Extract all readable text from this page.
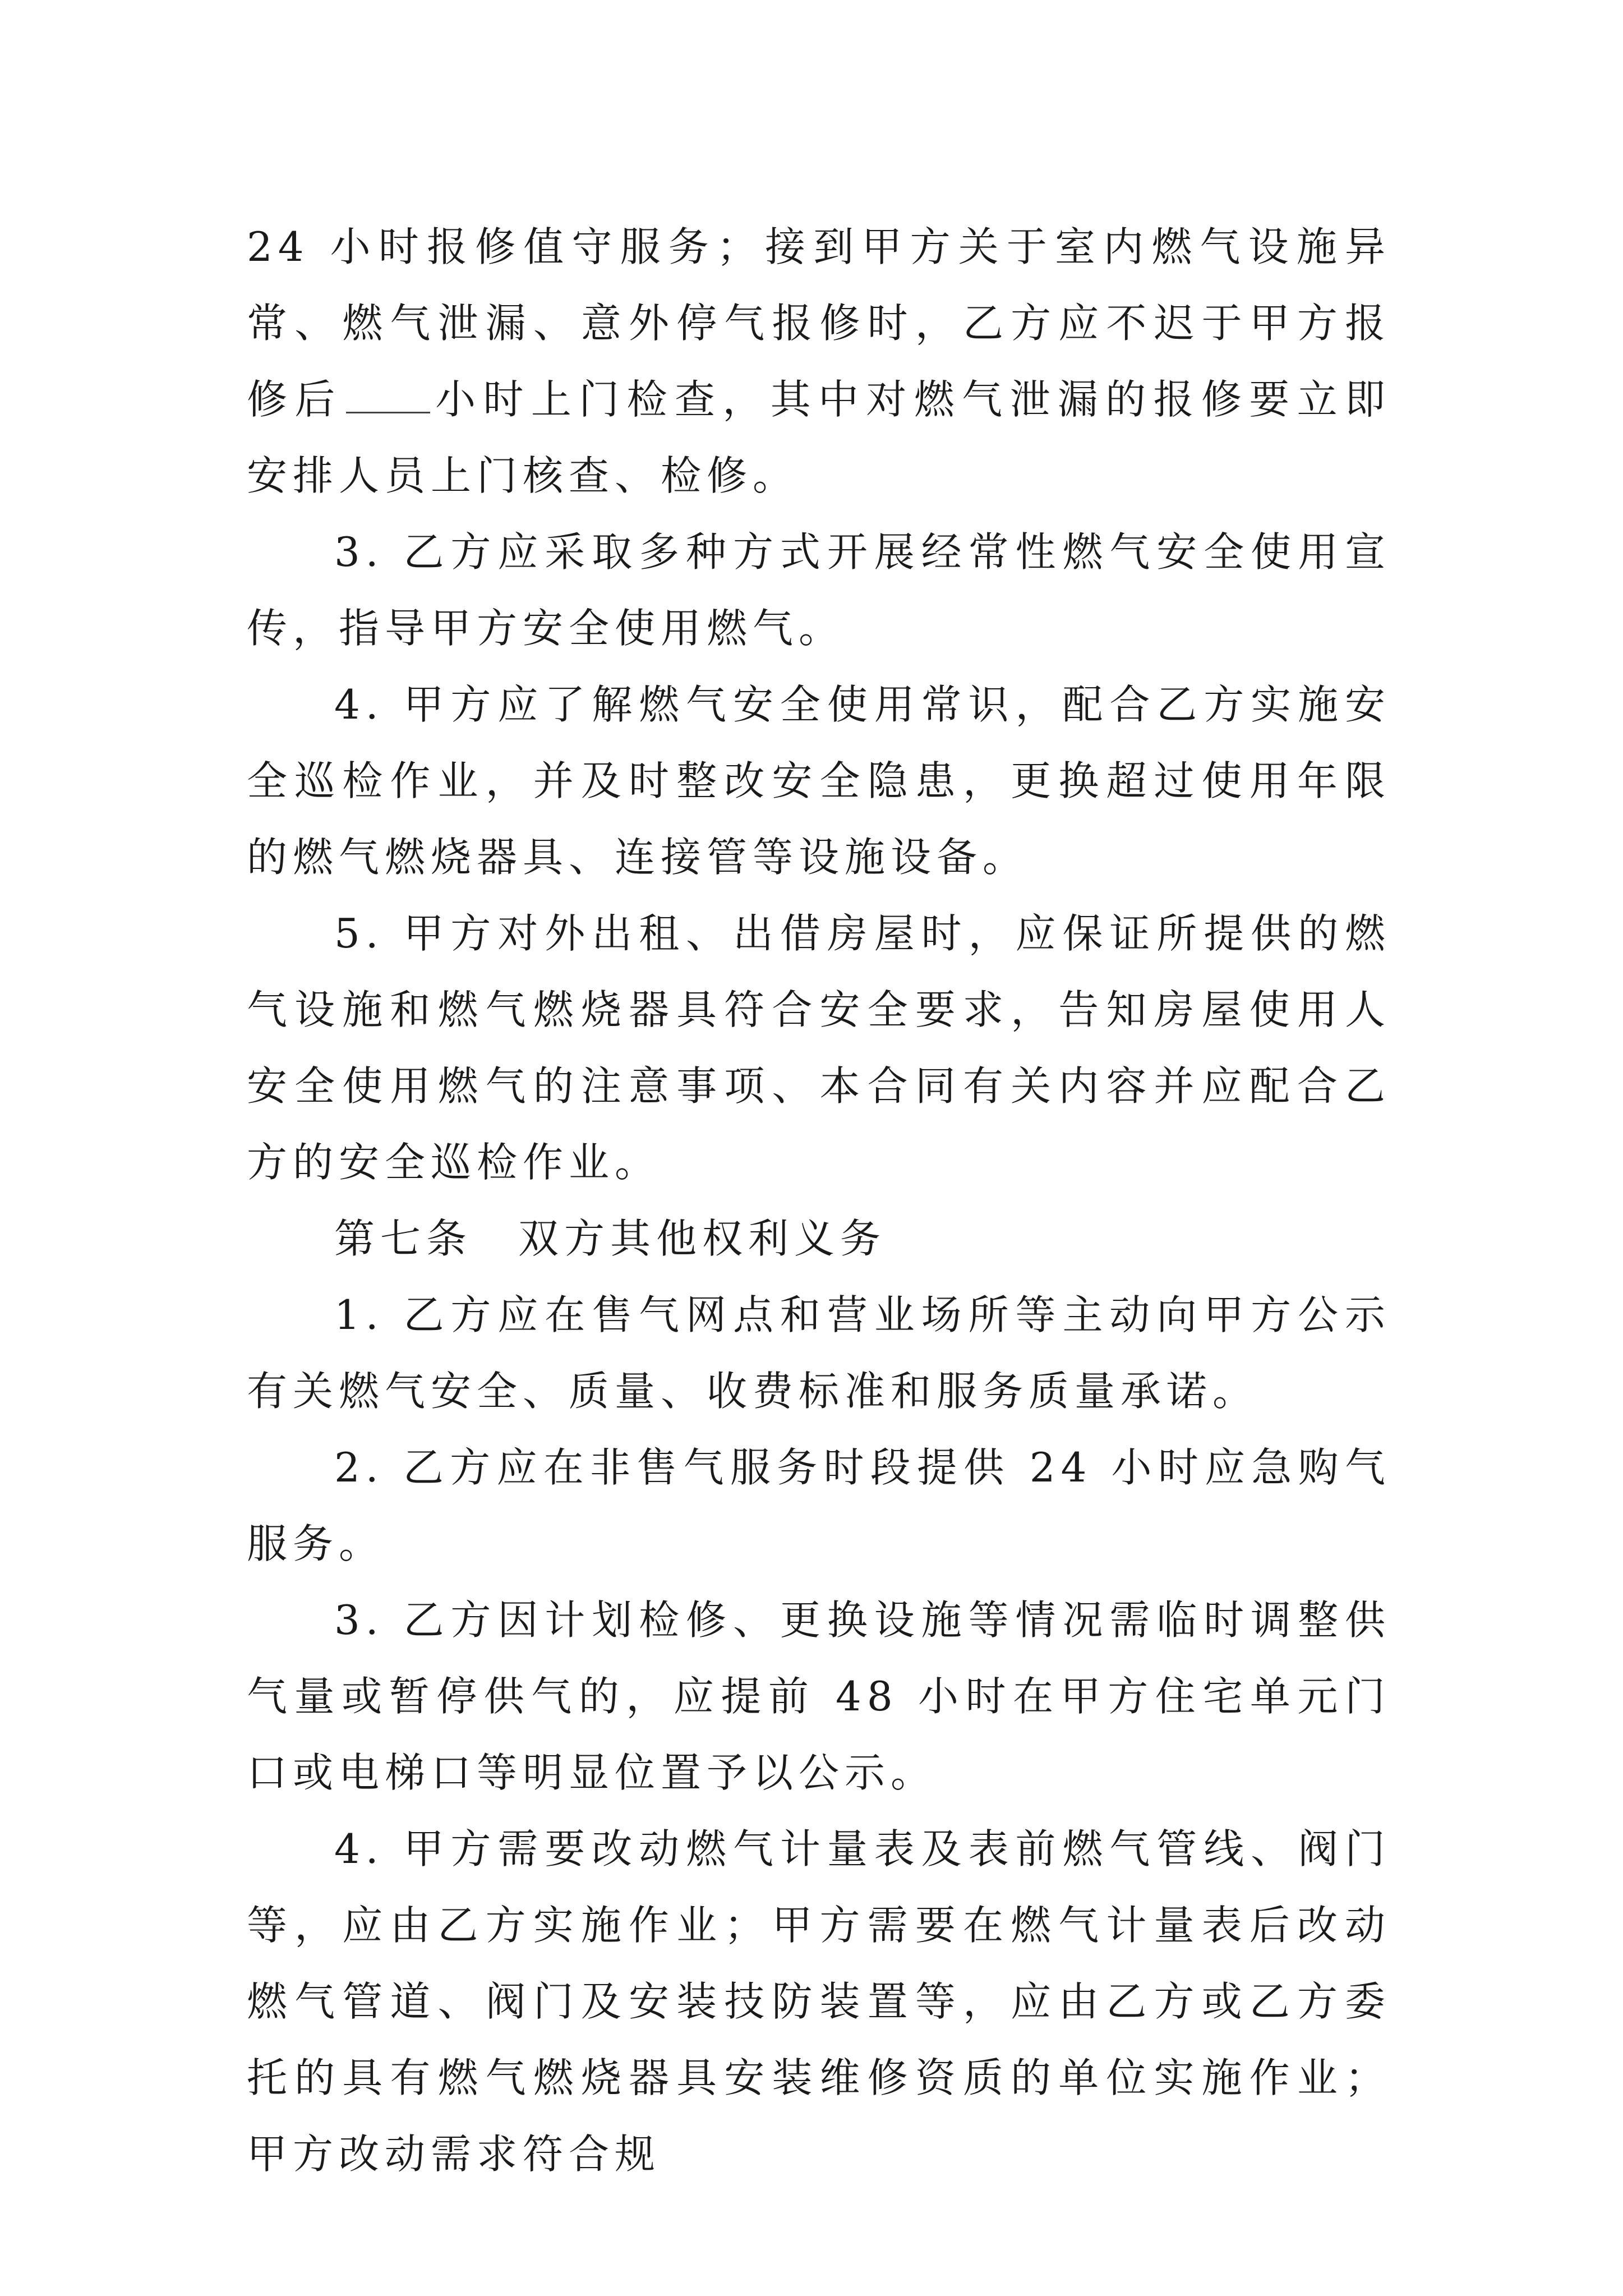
24 小时报修值守服务；接到甲方关于室内燃气设施异常、燃气泄漏、意外停气报修时，乙方应不迟于甲方报修后 小时上门检查，其中对燃气泄漏的报修要立即安排人员上门核查、检修。

3. 乙方应采取多种方式开展经常性燃气安全使用宣传，指导甲方安全使用燃气。

4. 甲方应了解燃气安全使用常识，配合乙方实施安全巡检作业，并及时整改安全隐患，更换超过使用年限的燃气燃烧器具、连接管等设施设备。

5. 甲方对外出租、出借房屋时，应保证所提供的燃气设施和燃气燃烧器具符合安全要求，告知房屋使用人安全使用燃气的注意事项、本合同有关内容并应配合乙方的安全巡检作业。

第七条　双方其他权利义务

1. 乙方应在售气网点和营业场所等主动向甲方公示有关燃气安全、质量、收费标准和服务质量承诺。

2. 乙方应在非售气服务时段提供 24 小时应急购气服务。

3. 乙方因计划检修、更换设施等情况需临时调整供气量或暂停供气的，应提前 48 小时在甲方住宅单元门口或电梯口等明显位置予以公示。

4. 甲方需要改动燃气计量表及表前燃气管线、阀门等，应由乙方实施作业；甲方需要在燃气计量表后改动燃气管道、阀门及安装技防装置等，应由乙方或乙方委托的具有燃气燃烧器具安装维修资质的单位实施作业；甲方改动需求符合规
